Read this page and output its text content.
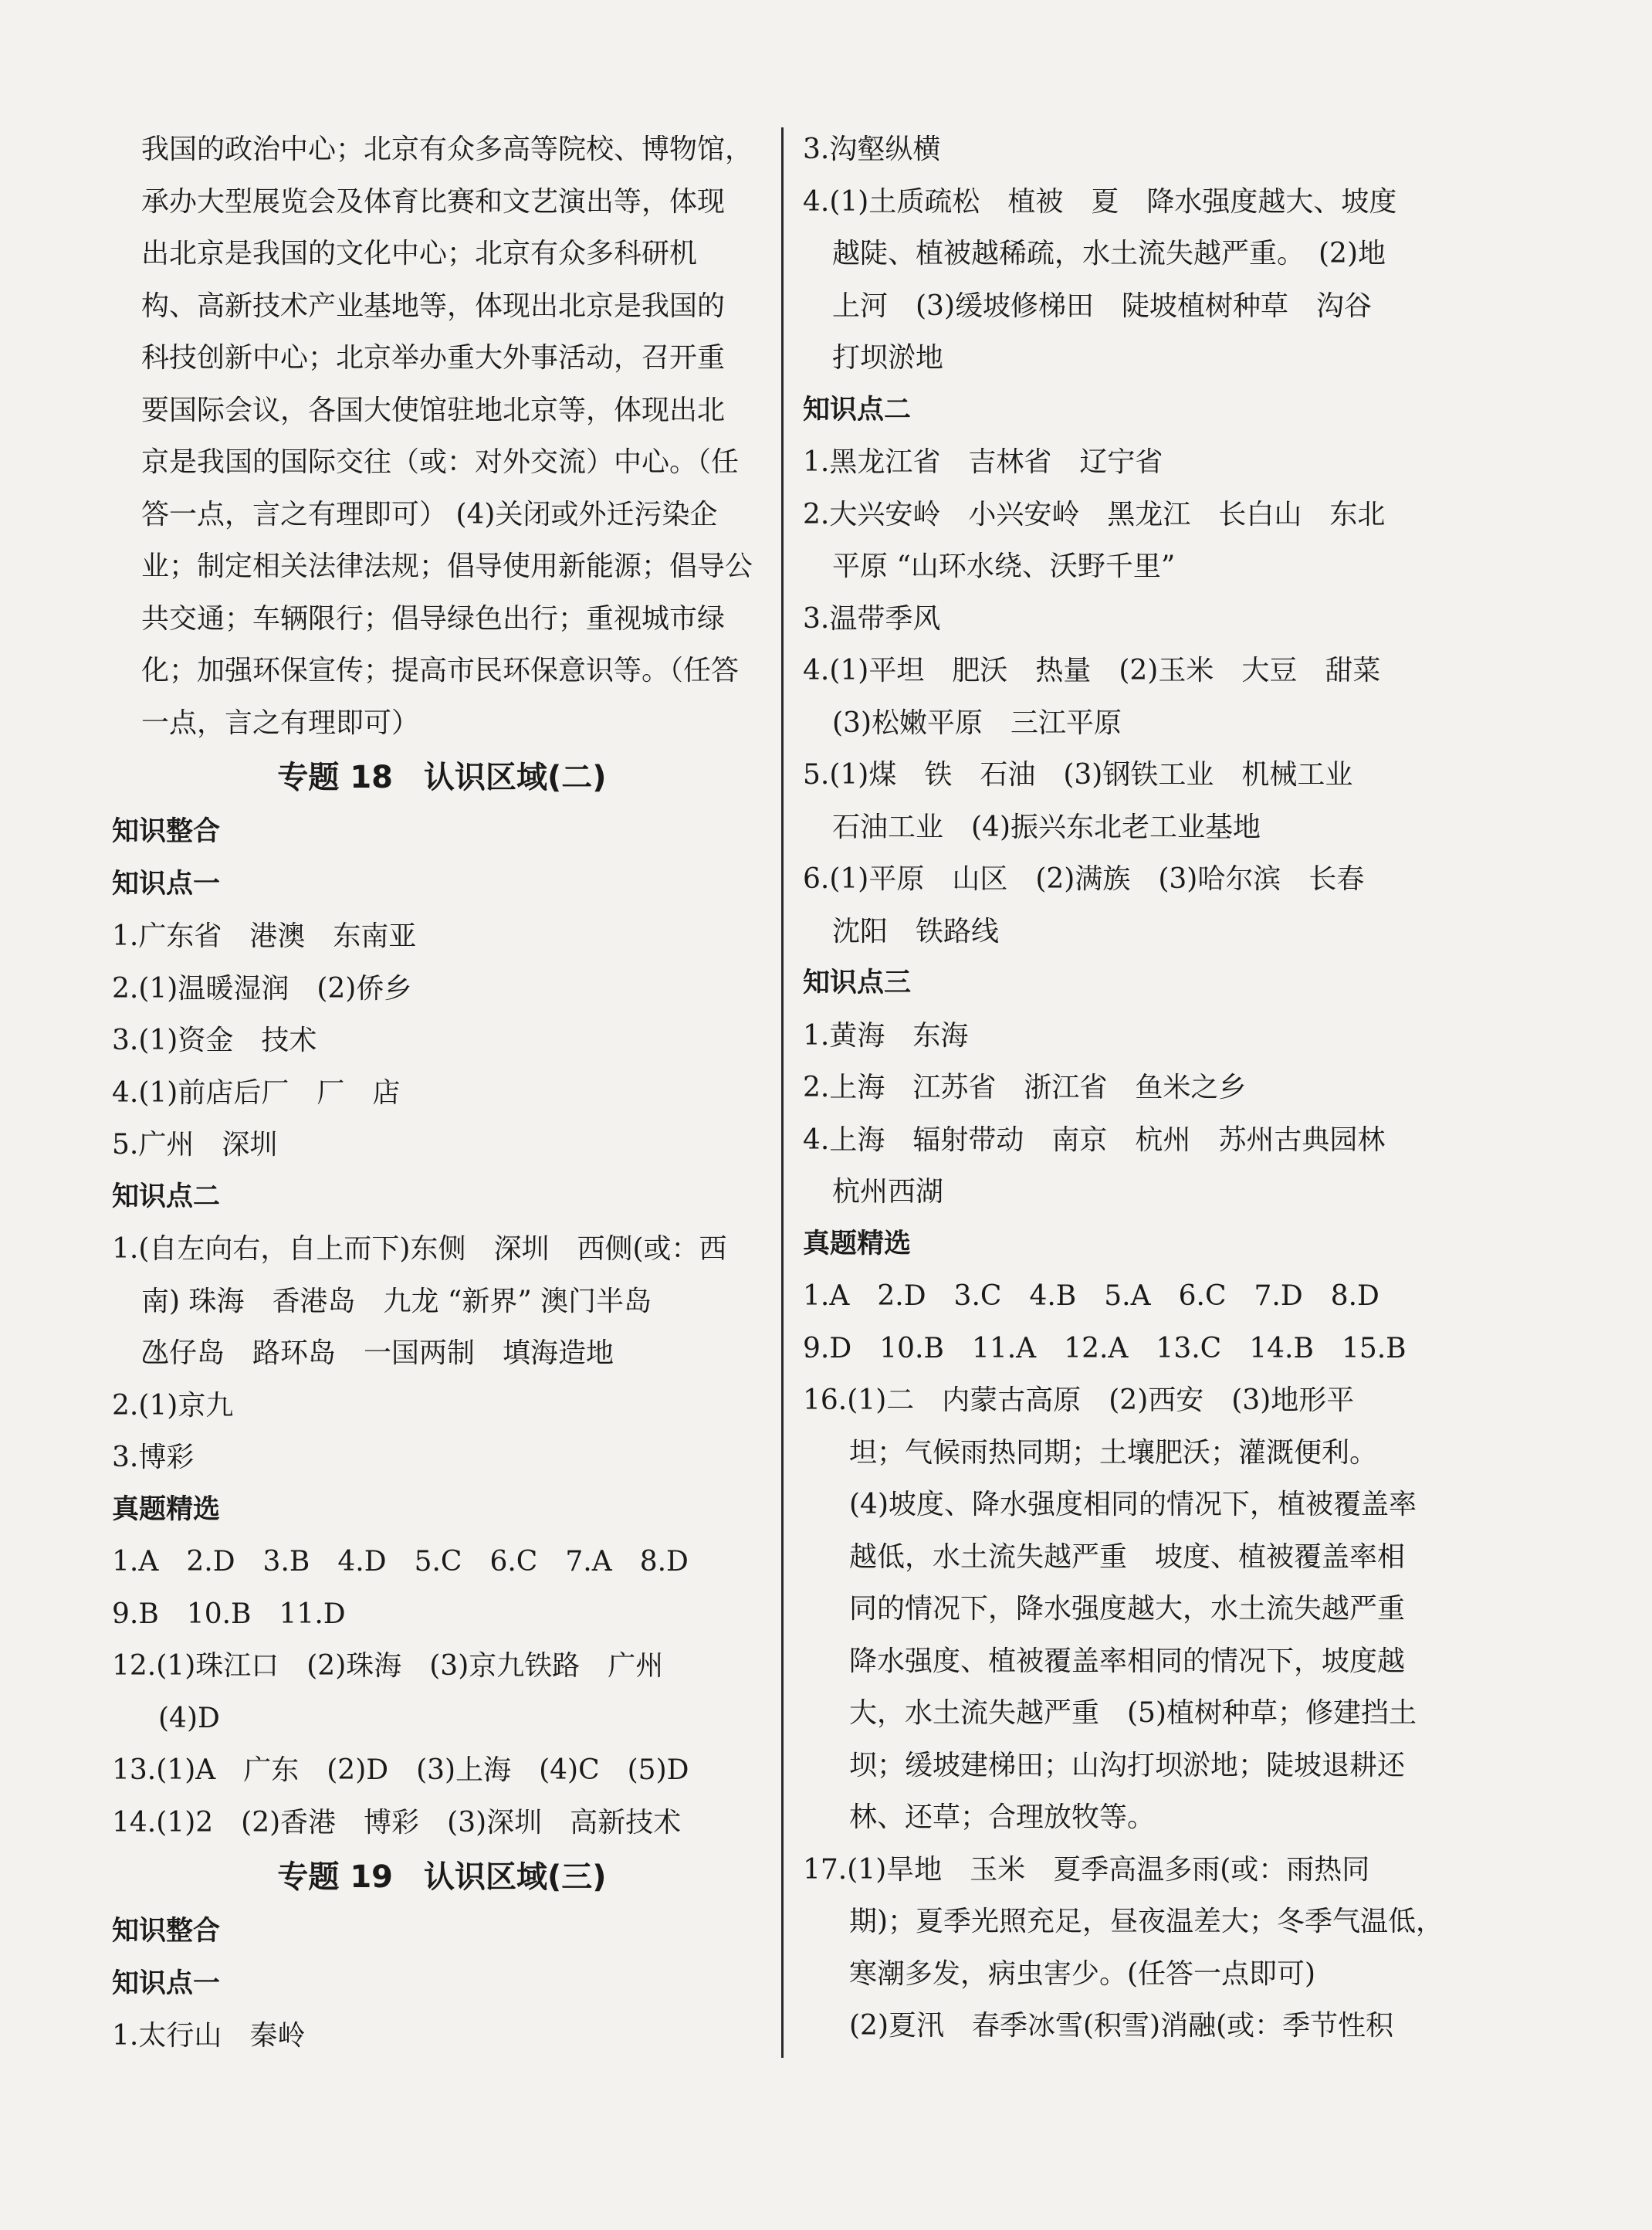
我国的政治中心；北京有众多高等院校、博物馆，
承办大型展览会及体育比赛和文艺演出等，体现
出北京是我国的文化中心；北京有众多科研机
构、高新技术产业基地等，体现出北京是我国的
科技创新中心；北京举办重大外事活动，召开重
要国际会议，各国大使馆驻地北京等，体现出北
京是我国的国际交往（或：对外交流）中心。（任
答一点，言之有理即可） (4)关闭或外迁污染企
业；制定相关法律法规；倡导使用新能源；倡导公
共交通；车辆限行；倡导绿色出行；重视城市绿
化；加强环保宣传；提高市民环保意识等。（任答
一点，言之有理即可）
专题 18　认识区域(二)
知识整合
知识点一
1.广东省　港澳　东南亚
2.(1)温暖湿润　(2)侨乡
3.(1)资金　技术
4.(1)前店后厂　厂　店
5.广州　深圳
知识点二
1.(自左向右，自上而下)东侧　深圳　西侧(或：西
南) 珠海　香港岛　九龙 “新界” 澳门半岛
氹仔岛　路环岛　一国两制　填海造地
2.(1)京九
3.博彩
真题精选
1.A　2.D　3.B　4.D　5.C　6.C　7.A　8.D
9.B　10.B　11.D
12.(1)珠江口　(2)珠海　(3)京九铁路　广州
(4)D
13.(1)A　广东　(2)D　(3)上海　(4)C　(5)D
14.(1)2　(2)香港　博彩　(3)深圳　高新技术
专题 19　认识区域(三)
知识整合
知识点一
1.太行山　秦岭
3.沟壑纵横
4.(1)土质疏松　植被　夏　降水强度越大、坡度
越陡、植被越稀疏，水土流失越严重。　(2)地
上河　(3)缓坡修梯田　陡坡植树种草　沟谷
打坝淤地
知识点二
1.黑龙江省　吉林省　辽宁省
2.大兴安岭　小兴安岭　黑龙江　长白山　东北
平原 “山环水绕、沃野千里”
3.温带季风
4.(1)平坦　肥沃　热量　(2)玉米　大豆　甜菜
(3)松嫩平原　三江平原
5.(1)煤　铁　石油　(3)钢铁工业　机械工业
石油工业　(4)振兴东北老工业基地
6.(1)平原　山区　(2)满族　(3)哈尔滨　长春
沈阳　铁路线
知识点三
1.黄海　东海
2.上海　江苏省　浙江省　鱼米之乡
4.上海　辐射带动　南京　杭州　苏州古典园林
杭州西湖
真题精选
1.A　2.D　3.C　4.B　5.A　6.C　7.D　8.D
9.D　10.B　11.A　12.A　13.C　14.B　15.B
16.(1)二　内蒙古高原　(2)西安　(3)地形平
坦；气候雨热同期；土壤肥沃；灌溉便利。
(4)坡度、降水强度相同的情况下，植被覆盖率
越低，水土流失越严重　坡度、植被覆盖率相
同的情况下，降水强度越大，水土流失越严重
降水强度、植被覆盖率相同的情况下，坡度越
大，水土流失越严重　(5)植树种草；修建挡土
坝；缓坡建梯田；山沟打坝淤地；陡坡退耕还
林、还草；合理放牧等。
17.(1)旱地　玉米　夏季高温多雨(或：雨热同
期)；夏季光照充足，昼夜温差大；冬季气温低，
寒潮多发，病虫害少。(任答一点即可)
(2)夏汛　春季冰雪(积雪)消融(或：季节性积
